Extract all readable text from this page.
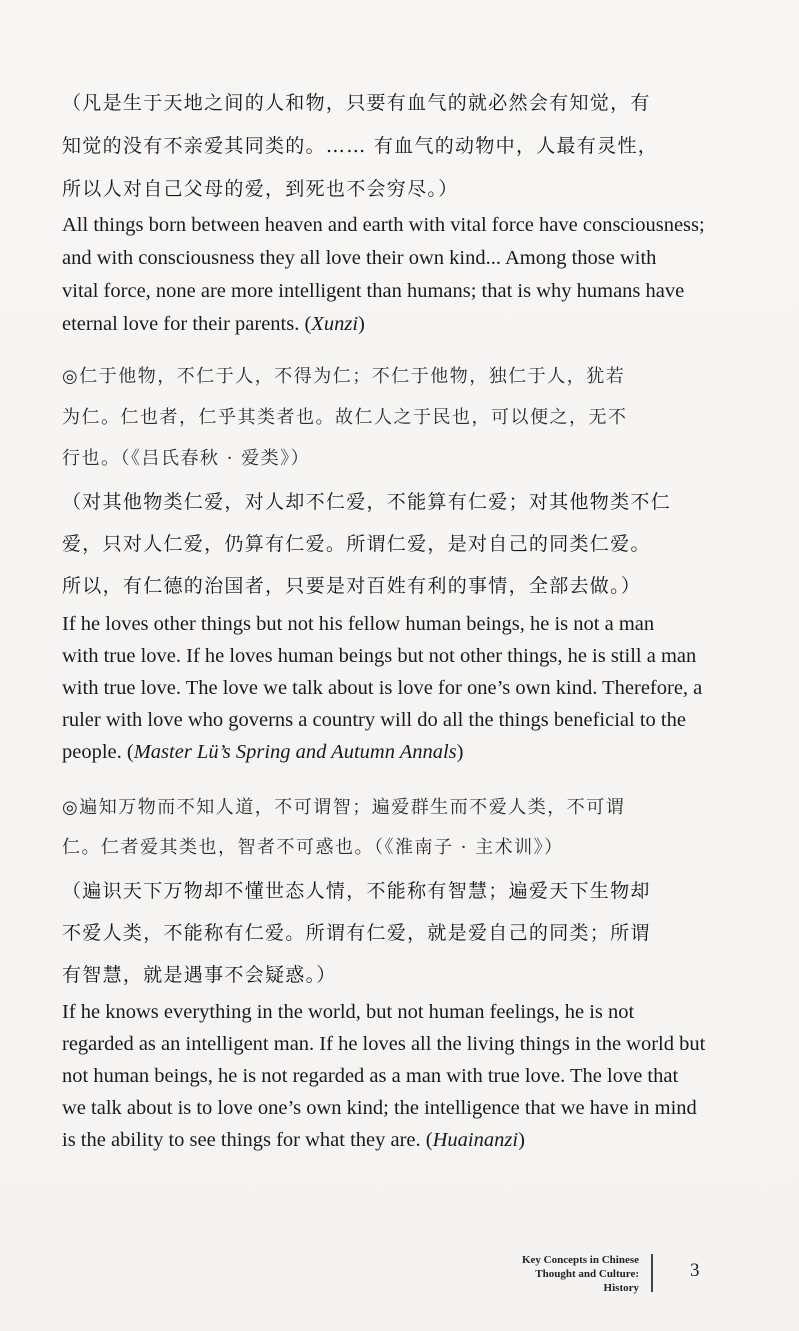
（凡是生于天地之间的人和物，只要有血气的就必然会有知觉，有
知觉的没有不亲爱其同类的。…… 有血气的动物中，人最有灵性，
所以人对自己父母的爱，到死也不会穷尽。）
All things born between heaven and earth with vital force have consciousness;
and with consciousness they all love their own kind... Among those with
vital force, none are more intelligent than humans; that is why humans have
eternal love for their parents. (Xunzi)
◎仁于他物，不仁于人，不得为仁；不仁于他物，独仁于人，犹若
为仁。仁也者，仁乎其类者也。故仁人之于民也，可以便之，无不
行也。（《吕氏春秋 · 爱类》）
（对其他物类仁爱，对人却不仁爱，不能算有仁爱；对其他物类不仁
爱，只对人仁爱，仍算有仁爱。所谓仁爱，是对自己的同类仁爱。
所以，有仁德的治国者，只要是对百姓有利的事情，全部去做。）
If he loves other things but not his fellow human beings, he is not a man
with true love. If he loves human beings but not other things, he is still a man
with true love. The love we talk about is love for one’s own kind. Therefore, a
ruler with love who governs a country will do all the things beneficial to the
people. (Master Lü’s Spring and Autumn Annals)
◎遍知万物而不知人道，不可谓智；遍爱群生而不爱人类，不可谓
仁。仁者爱其类也，智者不可惑也。（《淮南子 · 主术训》）
（遍识天下万物却不懂世态人情，不能称有智慧；遍爱天下生物却
不爱人类，不能称有仁爱。所谓有仁爱，就是爱自己的同类；所谓
有智慧，就是遇事不会疑惑。）
If he knows everything in the world, but not human feelings, he is not
regarded as an intelligent man. If he loves all the living things in the world but
not human beings, he is not regarded as a man with true love. The love that
we talk about is to love one’s own kind; the intelligence that we have in mind
is the ability to see things for what they are. (Huainanzi)
Key Concepts in Chinese
Thought and Culture:
History
3
